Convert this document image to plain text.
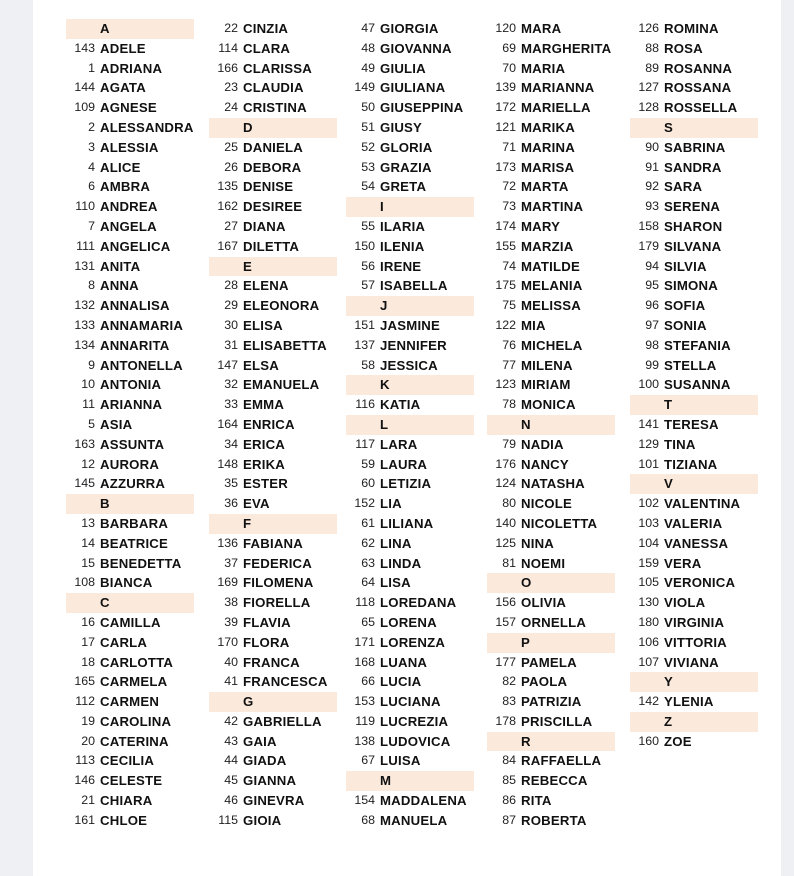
A
143 ADELE
1 ADRIANA
144 AGATA
109 AGNESE
2 ALESSANDRA
3 ALESSIA
4 ALICE
6 AMBRA
110 ANDREA
7 ANGELA
111 ANGELICA
131 ANITA
8 ANNA
132 ANNALISA
133 ANNAMARIA
134 ANNARITA
9 ANTONELLA
10 ANTONIA
11 ARIANNA
5 ASIA
163 ASSUNTA
12 AURORA
145 AZZURRA
B
13 BARBARA
14 BEATRICE
15 BENEDETTA
108 BIANCA
C
16 CAMILLA
17 CARLA
18 CARLOTTA
165 CARMELA
112 CARMEN
19 CAROLINA
20 CATERINA
113 CECILIA
146 CELESTE
21 CHIARA
161 CHLOE
22 CINZIA
114 CLARA
166 CLARISSA
23 CLAUDIA
24 CRISTINA
D
25 DANIELA
26 DEBORA
135 DENISE
162 DESIREE
27 DIANA
167 DILETTA
E
28 ELENA
29 ELEONORA
30 ELISA
31 ELISABETTA
147 ELSA
32 EMANUELA
33 EMMA
164 ENRICA
34 ERICA
148 ERIKA
35 ESTER
36 EVA
F
136 FABIANA
37 FEDERICA
169 FILOMENA
38 FIORELLA
39 FLAVIA
170 FLORA
40 FRANCA
41 FRANCESCA
G
42 GABRIELLA
43 GAIA
44 GIADA
45 GIANNA
46 GINEVRA
115 GIOIA
47 GIORGIA
48 GIOVANNA
49 GIULIA
149 GIULIANA
50 GIUSEPPINA
51 GIUSY
52 GLORIA
53 GRAZIA
54 GRETA
I
55 ILARIA
150 ILENIA
56 IRENE
57 ISABELLA
J
151 JASMINE
137 JENNIFER
58 JESSICA
K
116 KATIA
L
117 LARA
59 LAURA
60 LETIZIA
152 LIA
61 LILIANA
62 LINA
63 LINDA
64 LISA
118 LOREDANA
65 LORENA
171 LORENZA
168 LUANA
66 LUCIA
153 LUCIANA
119 LUCREZIA
138 LUDOVICA
67 LUISA
M
154 MADDALENA
68 MANUELA
120 MARA
69 MARGHERITA
70 MARIA
139 MARIANNA
172 MARIELLA
121 MARIKA
71 MARINA
173 MARISA
72 MARTA
73 MARTINA
174 MARY
155 MARZIA
74 MATILDE
175 MELANIA
75 MELISSA
122 MIA
76 MICHELA
77 MILENA
123 MIRIAM
78 MONICA
N
79 NADIA
176 NANCY
124 NATASHA
80 NICOLE
140 NICOLETTA
125 NINA
81 NOEMI
O
156 OLIVIA
157 ORNELLA
P
177 PAMELA
82 PAOLA
83 PATRIZIA
178 PRISCILLA
R
84 RAFFAELLA
85 REBECCA
86 RITA
87 ROBERTA
126 ROMINA
88 ROSA
89 ROSANNA
127 ROSSANA
128 ROSSELLA
S
90 SABRINA
91 SANDRA
92 SARA
93 SERENA
158 SHARON
179 SILVANA
94 SILVIA
95 SIMONA
96 SOFIA
97 SONIA
98 STEFANIA
99 STELLA
100 SUSANNA
T
141 TERESA
129 TINA
101 TIZIANA
V
102 VALENTINA
103 VALERIA
104 VANESSA
159 VERA
105 VERONICA
130 VIOLA
180 VIRGINIA
106 VITTORIA
107 VIVIANA
Y
142 YLENIA
Z
160 ZOE
